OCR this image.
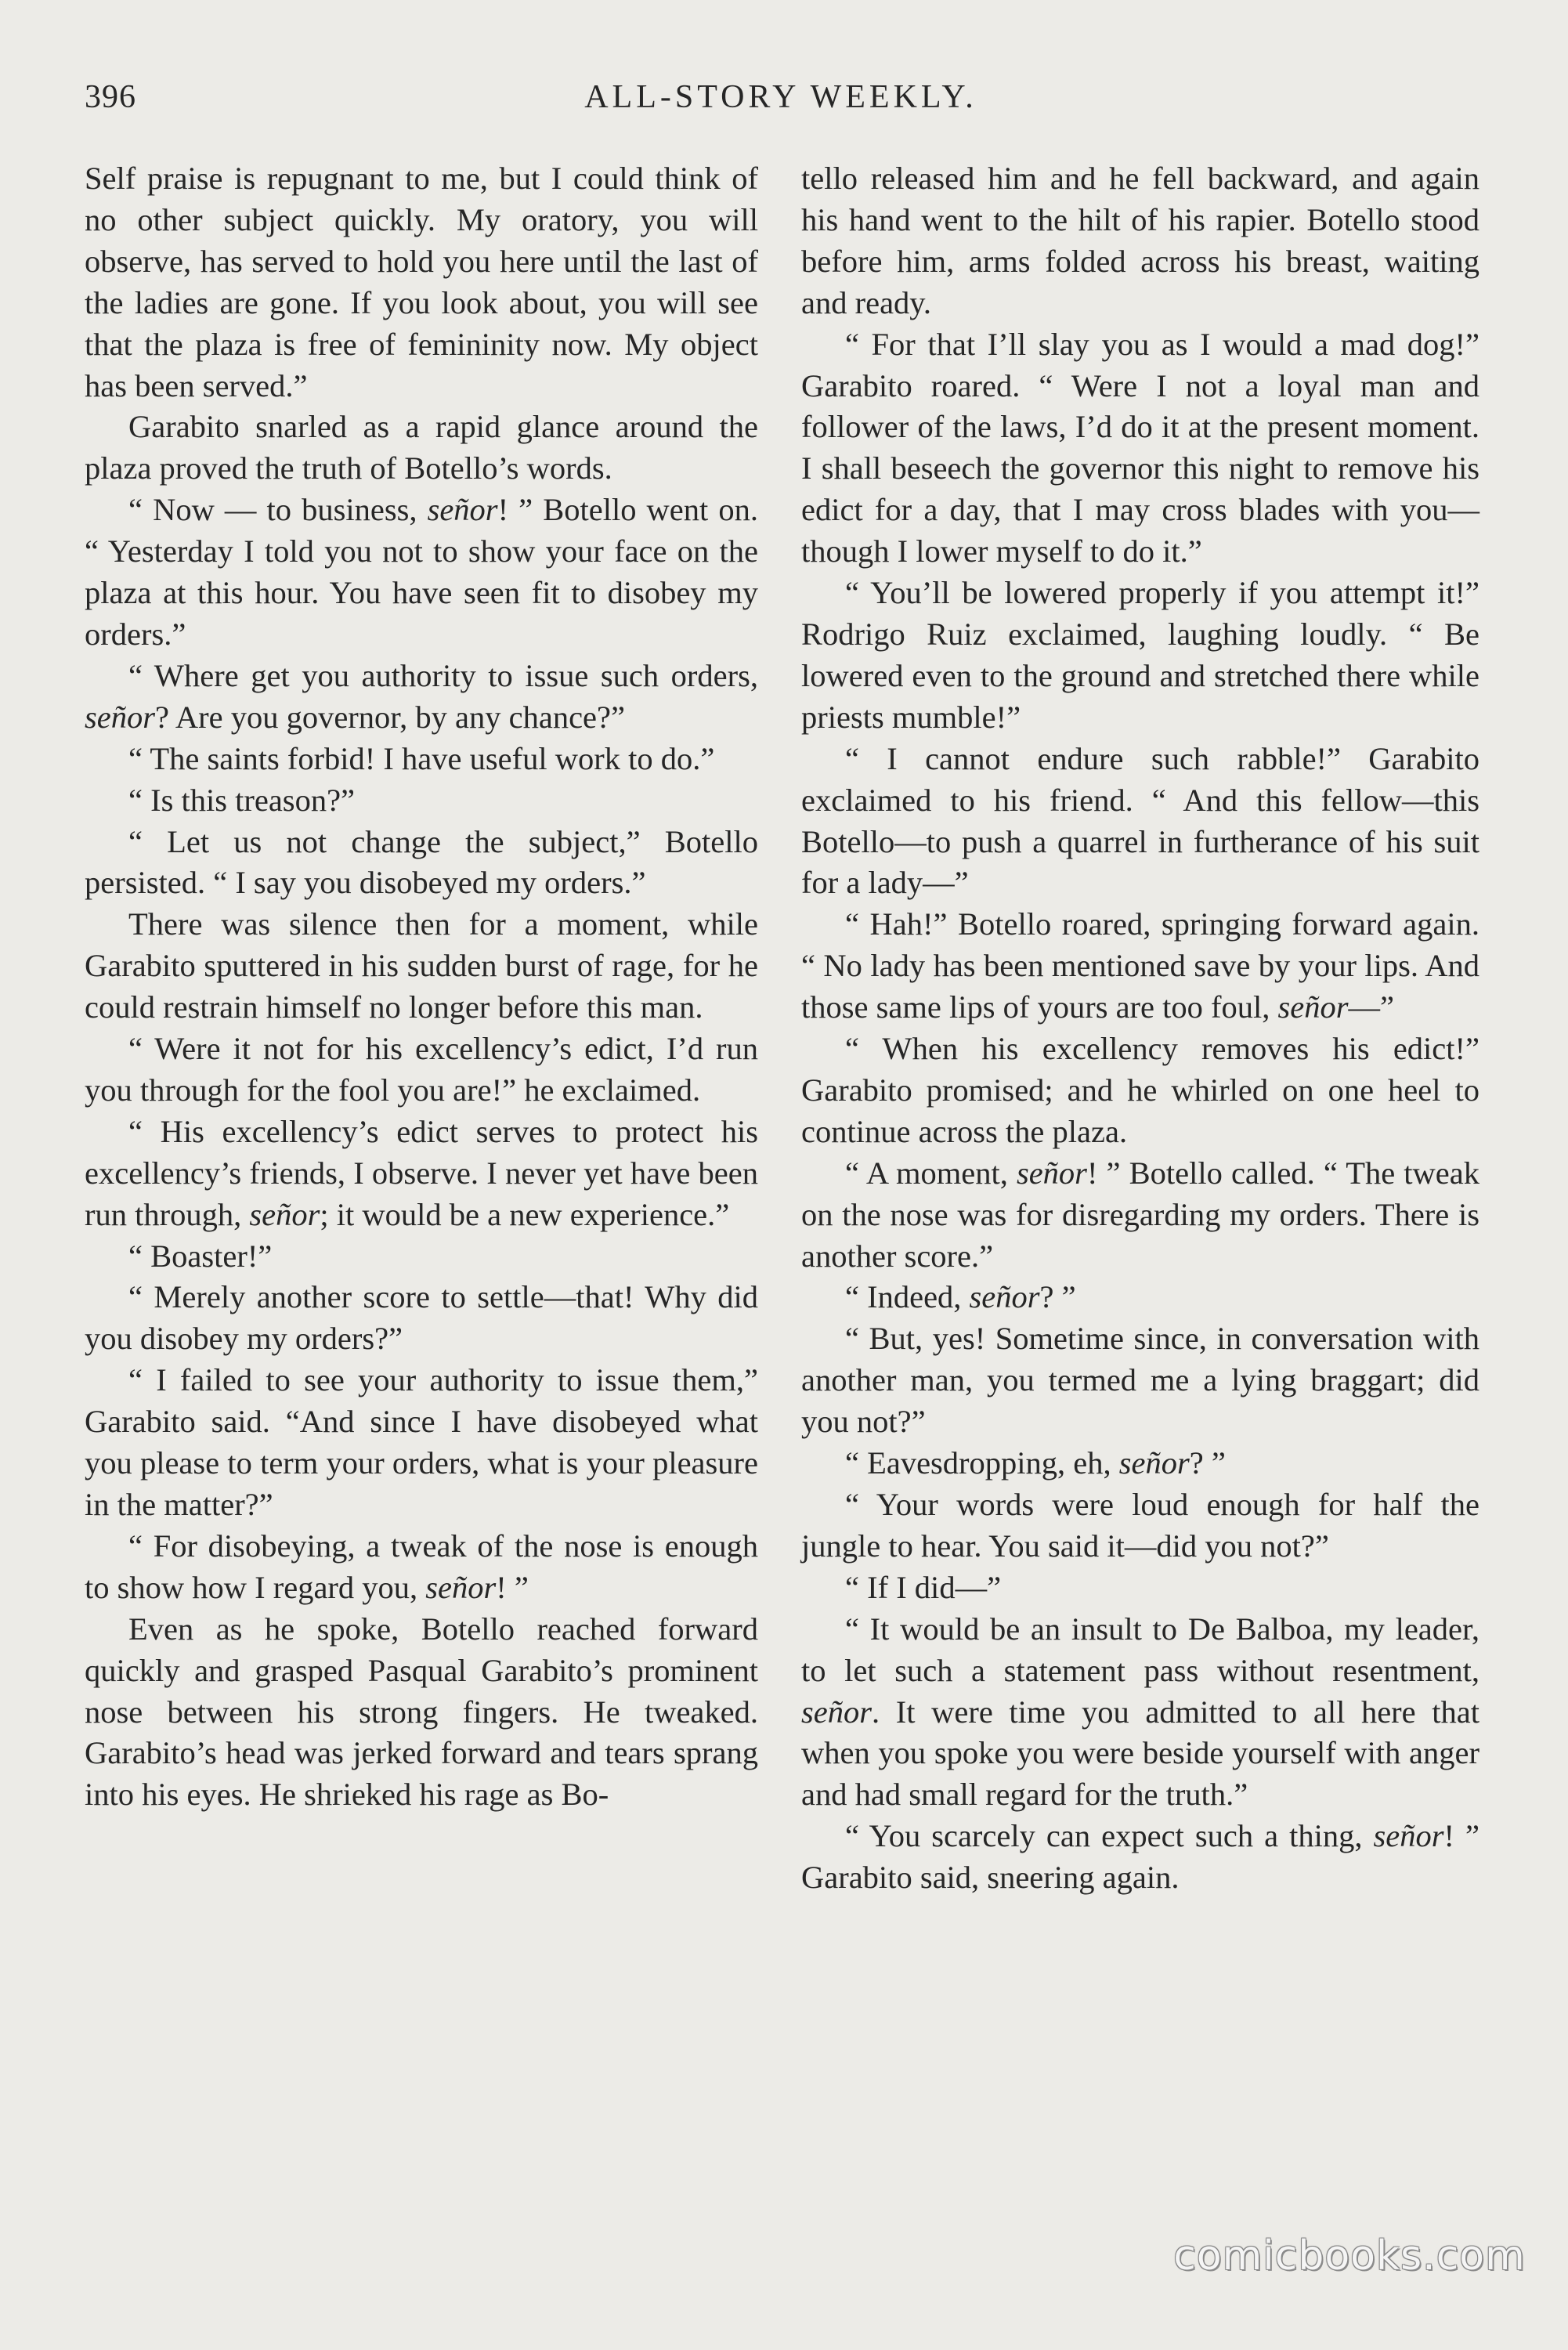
396	ALL-STORY WEEKLY.

Self praise is repugnant to me, but I could think of no other subject quickly. My oratory, you will observe, has served to hold you here until the last of the ladies are gone. If you look about, you will see that the plaza is free of femininity now. My object has been served.”

Garabito snarled as a rapid glance around the plaza proved the truth of Botello’s words.

“ Now — to business, señor! ” Botello went on. “ Yesterday I told you not to show your face on the plaza at this hour. You have seen fit to disobey my orders.”

“ Where get you authority to issue such orders, señor? Are you governor, by any chance?”

“ The saints forbid! I have useful work to do.”

“ Is this treason?”

“ Let us not change the subject,” Botello persisted. “ I say you disobeyed my orders.”

There was silence then for a moment, while Garabito sputtered in his sudden burst of rage, for he could restrain himself no longer before this man.

“ Were it not for his excellency’s edict, I’d run you through for the fool you are!” he exclaimed.

“ His excellency’s edict serves to protect his excellency’s friends, I observe. I never yet have been run through, señor; it would be a new experience.”

“ Boaster!”

“ Merely another score to settle—that! Why did you disobey my orders?”

“ I failed to see your authority to issue them,” Garabito said. “And since I have disobeyed what you please to term your orders, what is your pleasure in the matter?”

“ For disobeying, a tweak of the nose is enough to show how I regard you, señor! ”

Even as he spoke, Botello reached forward quickly and grasped Pasqual Garabito’s prominent nose between his strong fingers. He tweaked. Garabito’s head was jerked forward and tears sprang into his eyes. He shrieked his rage as Bo-

tello released him and he fell backward, and again his hand went to the hilt of his rapier. Botello stood before him, arms folded across his breast, waiting and ready.

“ For that I’ll slay you as I would a mad dog!” Garabito roared. “ Were I not a loyal man and follower of the laws, I’d do it at the present moment. I shall beseech the governor this night to remove his edict for a day, that I may cross blades with you—though I lower myself to do it.”

“ You’ll be lowered properly if you attempt it!” Rodrigo Ruiz exclaimed, laughing loudly. “ Be lowered even to the ground and stretched there while priests mumble!”

“ I cannot endure such rabble!” Garabito exclaimed to his friend. “ And this fellow—this Botello—to push a quarrel in furtherance of his suit for a lady—”

“ Hah!” Botello roared, springing forward again. “ No lady has been mentioned save by your lips. And those same lips of yours are too foul, señor—”

“ When his excellency removes his edict!” Garabito promised; and he whirled on one heel to continue across the plaza.

“ A moment, señor! ” Botello called. “ The tweak on the nose was for disregarding my orders. There is another score.”

“ Indeed, señor? ”

“ But, yes! Sometime since, in conversation with another man, you termed me a lying braggart; did you not?”

“ Eavesdropping, eh, señor? ”

“ Your words were loud enough for half the jungle to hear. You said it—did you not?”

“ If I did—”

“ It would be an insult to De Balboa, my leader, to let such a statement pass without resentment, señor. It were time you admitted to all here that when you spoke you were beside yourself with anger and had small regard for the truth.”

“ You scarcely can expect such a thing, señor! ” Garabito said, sneering again.

comicbooks.com
